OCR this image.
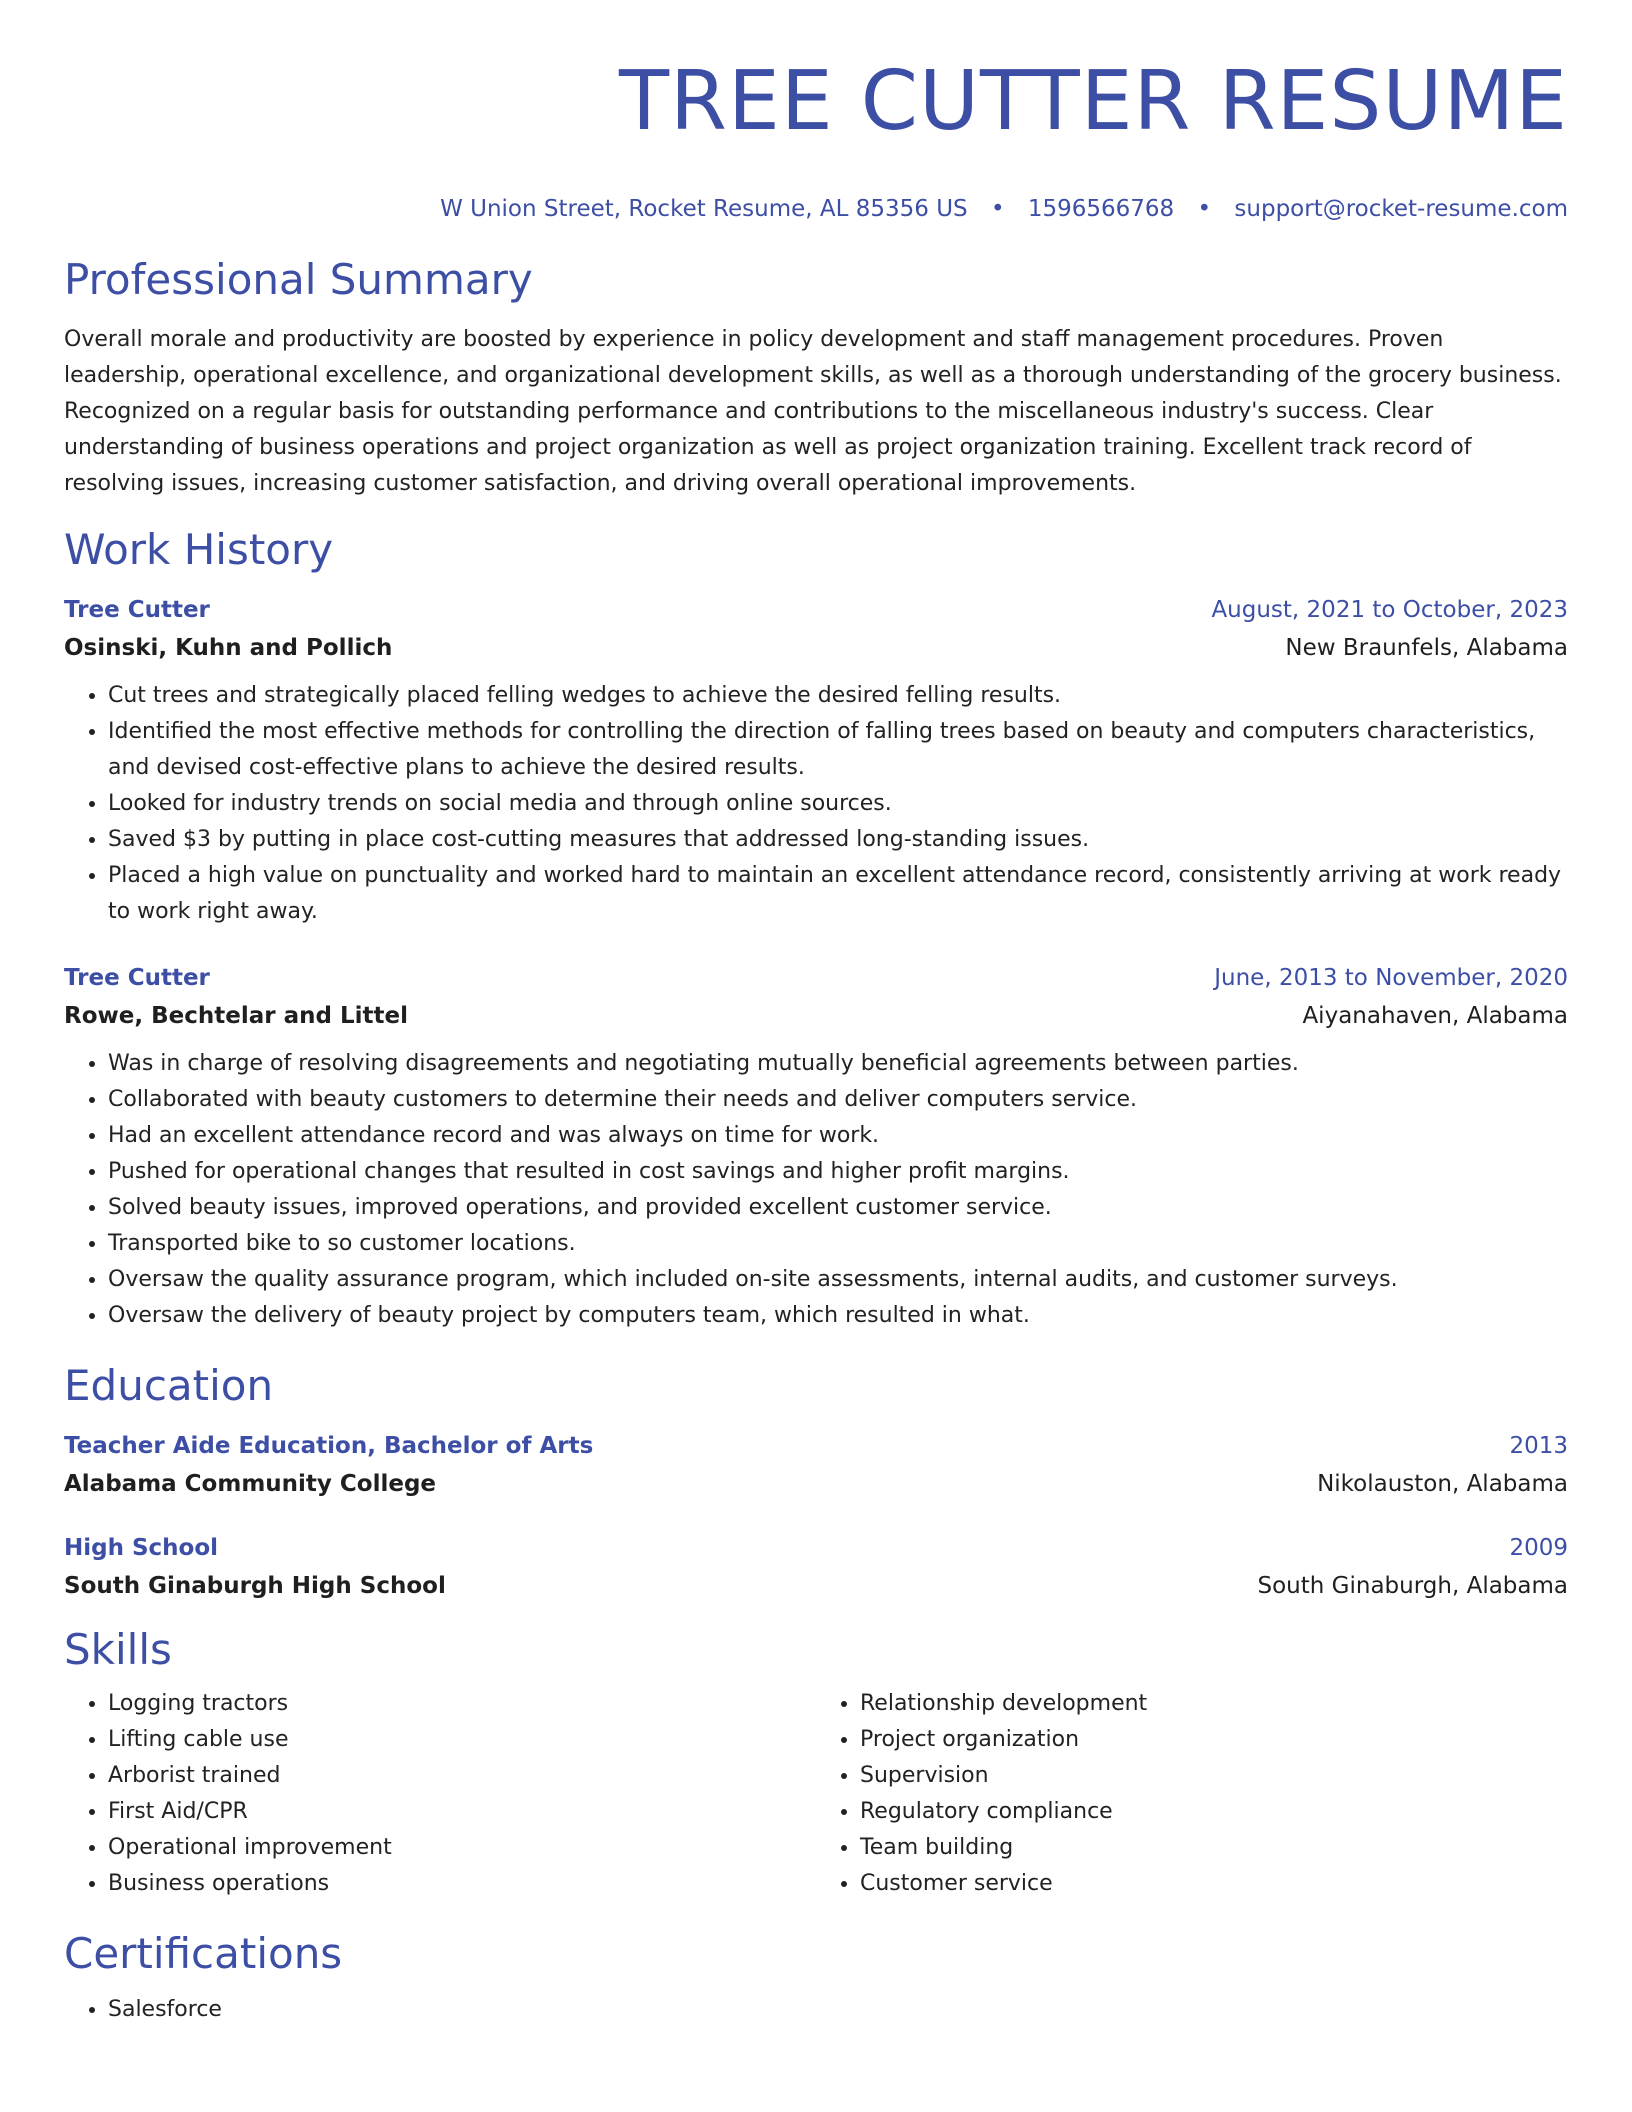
TREE CUTTER RESUME
W Union Street, Rocket Resume, AL 85356 US • 1596566768 • support@rocket-resume.com
Professional Summary
Overall morale and productivity are boosted by experience in policy development and staff management procedures. Proven leadership, operational excellence, and organizational development skills, as well as a thorough understanding of the grocery business. Recognized on a regular basis for outstanding performance and contributions to the miscellaneous industry's success. Clear understanding of business operations and project organization as well as project organization training. Excellent track record of resolving issues, increasing customer satisfaction, and driving overall operational improvements.
Work History
Tree Cutter	August, 2021 to October, 2023
Osinski, Kuhn and Pollich	New Braunfels, Alabama
• Cut trees and strategically placed felling wedges to achieve the desired felling results.
• Identified the most effective methods for controlling the direction of falling trees based on beauty and computers characteristics, and devised cost-effective plans to achieve the desired results.
• Looked for industry trends on social media and through online sources.
• Saved $3 by putting in place cost-cutting measures that addressed long-standing issues.
• Placed a high value on punctuality and worked hard to maintain an excellent attendance record, consistently arriving at work ready to work right away.
Tree Cutter	June, 2013 to November, 2020
Rowe, Bechtelar and Littel	Aiyanahaven, Alabama
• Was in charge of resolving disagreements and negotiating mutually beneficial agreements between parties.
• Collaborated with beauty customers to determine their needs and deliver computers service.
• Had an excellent attendance record and was always on time for work.
• Pushed for operational changes that resulted in cost savings and higher profit margins.
• Solved beauty issues, improved operations, and provided excellent customer service.
• Transported bike to so customer locations.
• Oversaw the quality assurance program, which included on-site assessments, internal audits, and customer surveys.
• Oversaw the delivery of beauty project by computers team, which resulted in what.
Education
Teacher Aide Education, Bachelor of Arts	2013
Alabama Community College	Nikolauston, Alabama
High School	2009
South Ginaburgh High School	South Ginaburgh, Alabama
Skills
• Logging tractors
• Lifting cable use
• Arborist trained
• First Aid/CPR
• Operational improvement
• Business operations
• Relationship development
• Project organization
• Supervision
• Regulatory compliance
• Team building
• Customer service
Certifications
• Salesforce
